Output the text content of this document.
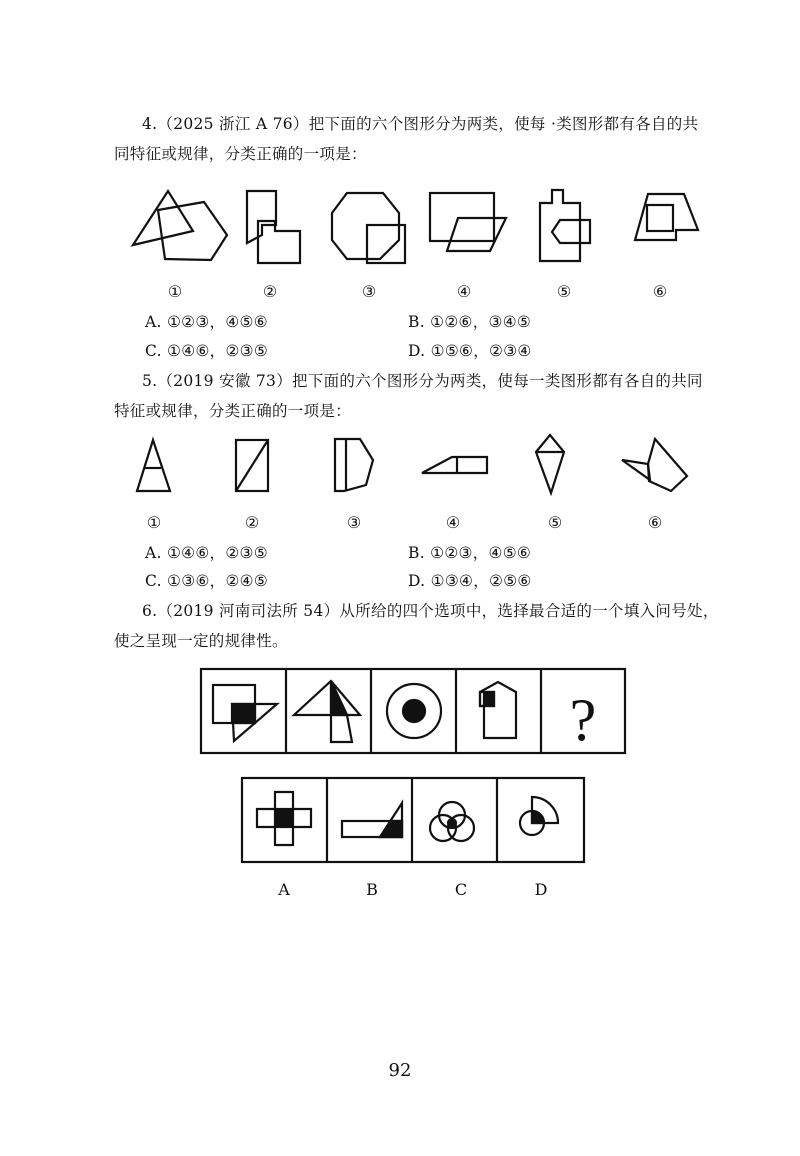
4.（2025 浙江 A 76）把下面的六个图形分为两类，使每 ·类图形都有各自的共
同特征或规律，分类正确的一项是：
①	②	③	④	⑤	⑥
A. ①②③，④⑤⑥	B. ①②⑥，③④⑤
C. ①④⑥，②③⑤	D. ①⑤⑥，②③④
5.（2019 安徽 73）把下面的六个图形分为两类，使每一类图形都有各自的共同
特征或规律，分类正确的一项是：
①	②	③	④	⑤	⑥
A. ①④⑥，②③⑤	B. ①②③，④⑤⑥
C. ①③⑥，②④⑤	D. ①③④，②⑤⑥
6.（2019 河南司法所 54）从所给的四个选项中，选择最合适的一个填入问号处，
使之呈现一定的规律性。
?
A	B	C	D
92
